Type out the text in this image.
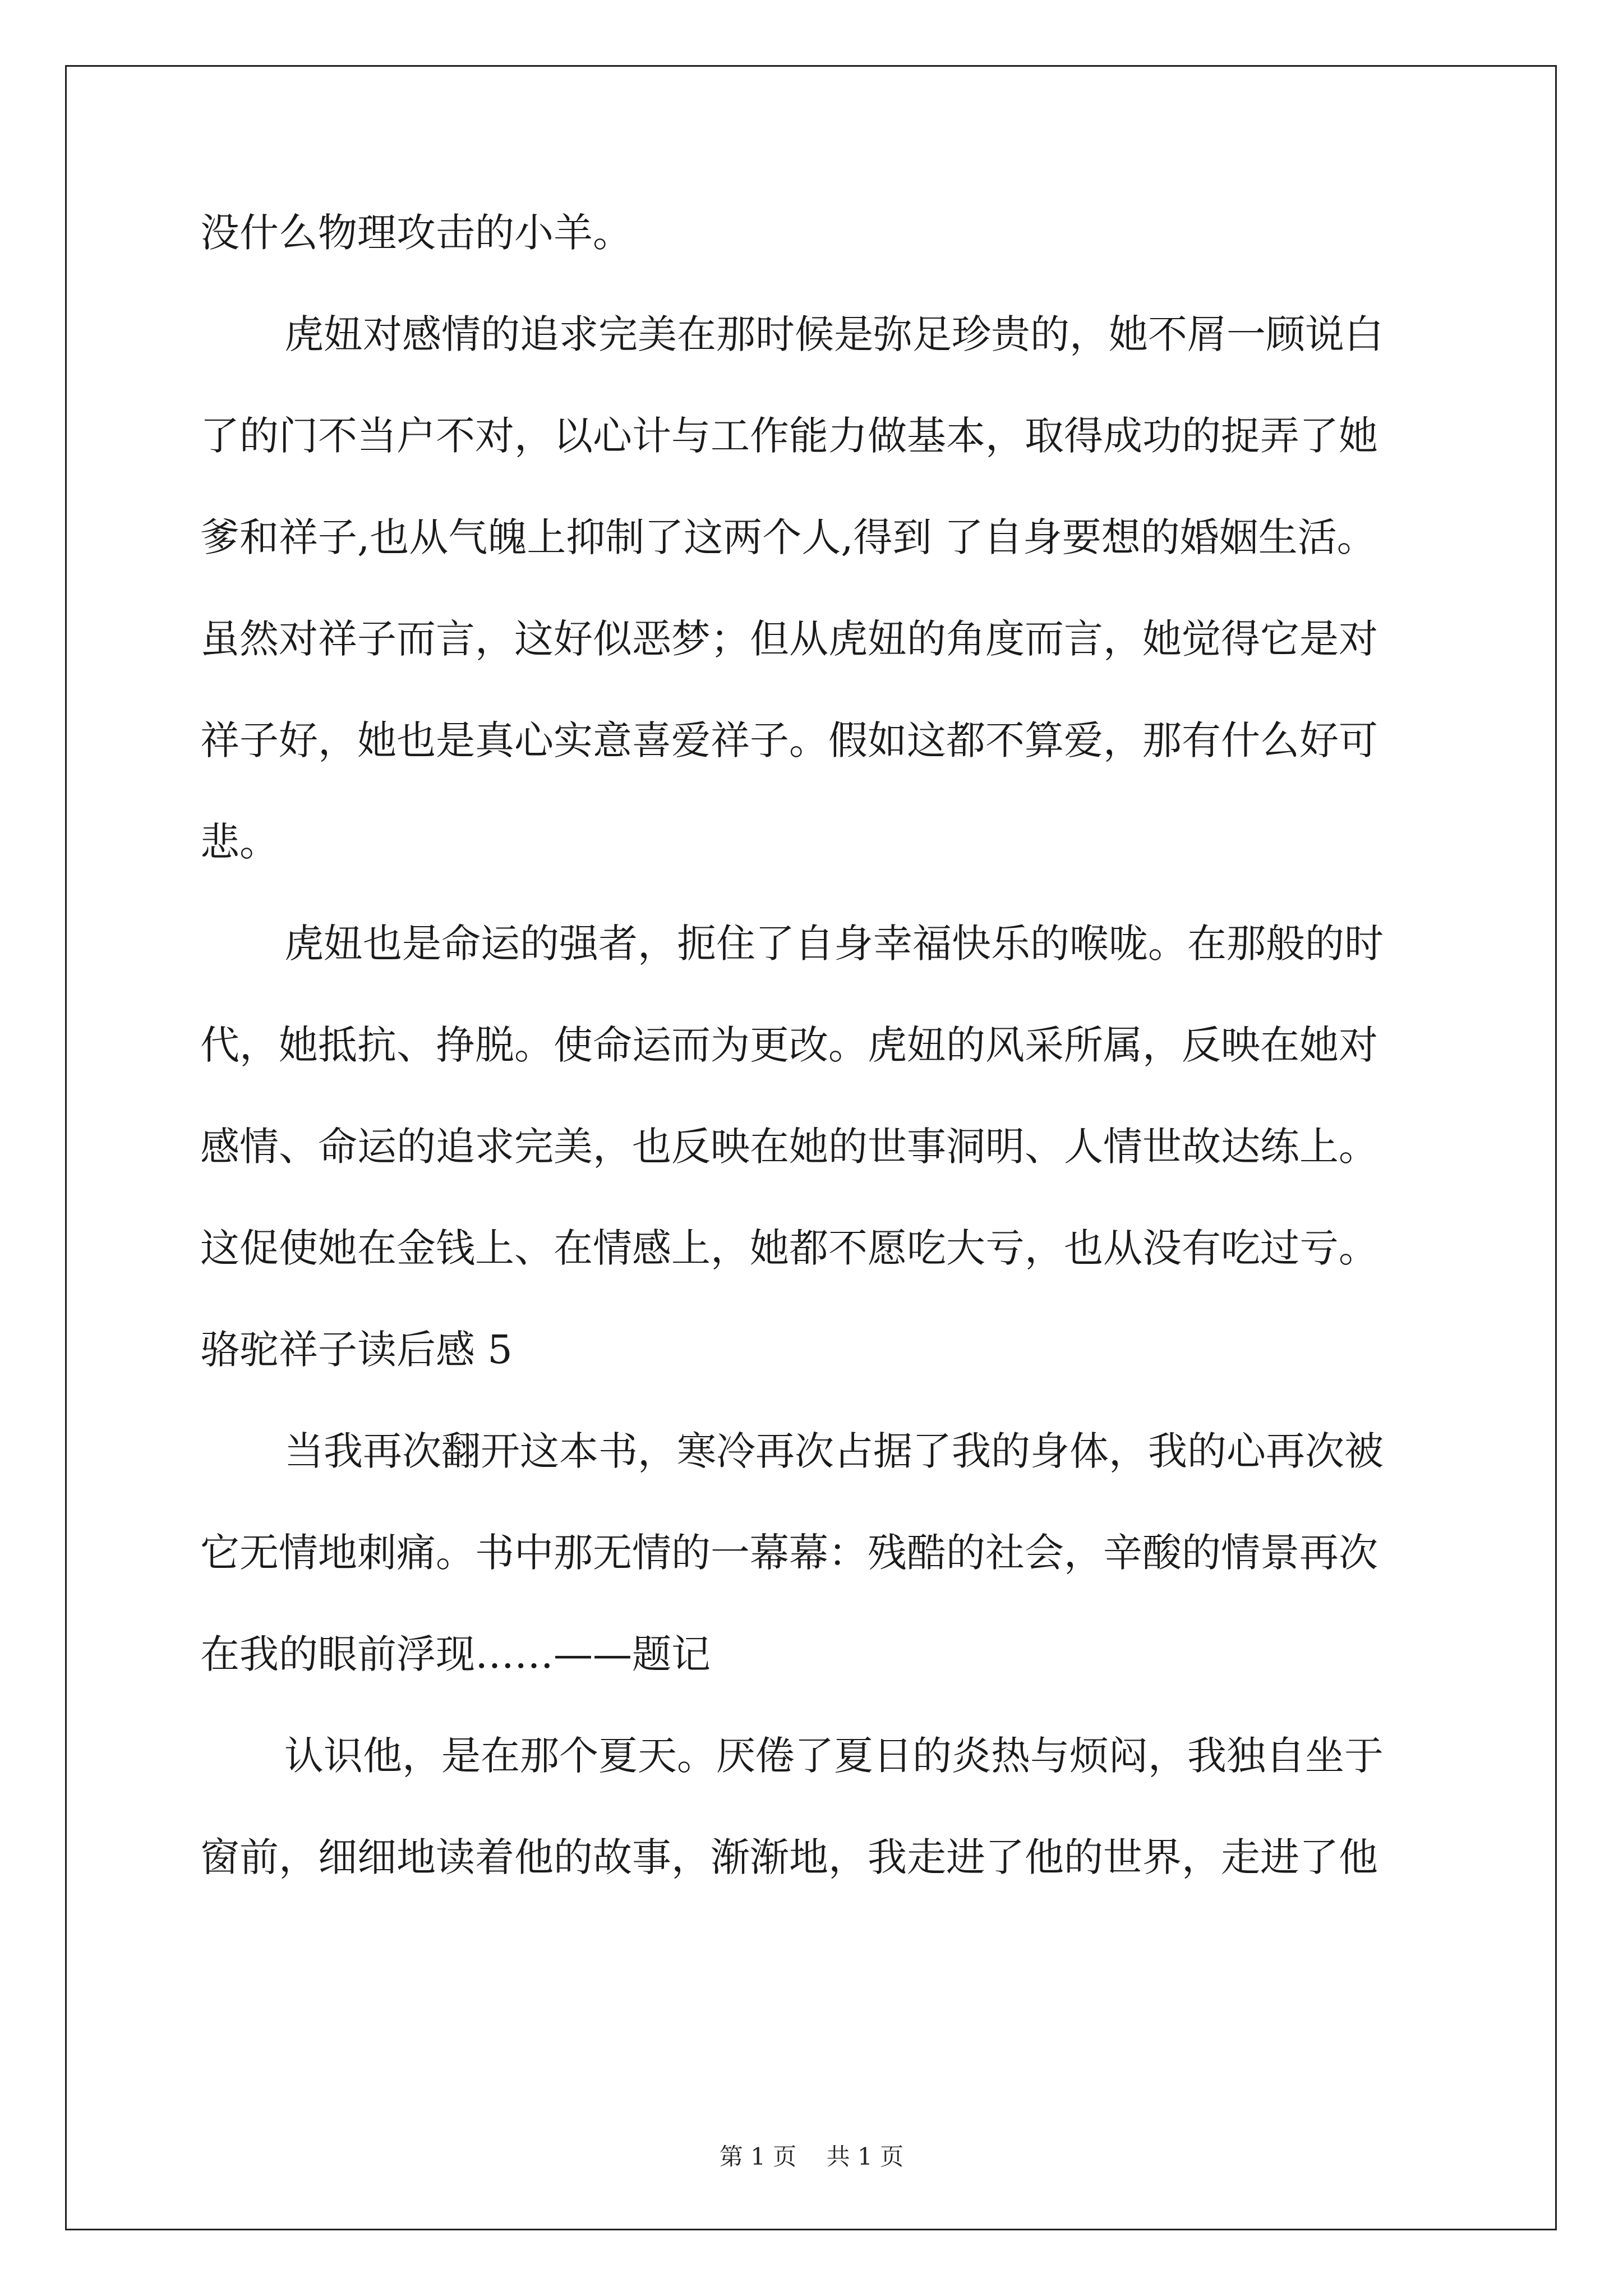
没什么物理攻击的小羊。
虎妞对感情的追求完美在那时候是弥足珍贵的，她不屑一顾说白
了的门不当户不对，以心计与工作能力做基本，取得成功的捉弄了她
爹和祥子,也从气魄上抑制了这两个人,得到 了自身要想的婚姻生活。
虽然对祥子而言，这好似恶梦；但从虎妞的角度而言，她觉得它是对
祥子好，她也是真心实意喜爱祥子。假如这都不算爱，那有什么好可
悲。
虎妞也是命运的强者，扼住了自身幸福快乐的喉咙。在那般的时
代，她抵抗、挣脱。使命运而为更改。虎妞的风采所属，反映在她对
感情、命运的追求完美，也反映在她的世事洞明、人情世故达练上。
这促使她在金钱上、在情感上，她都不愿吃大亏，也从没有吃过亏。
骆驼祥子读后感 5
当我再次翻开这本书，寒冷再次占据了我的身体，我的心再次被
它无情地刺痛。书中那无情的一幕幕：残酷的社会，辛酸的情景再次
在我的眼前浮现……——题记
认识他，是在那个夏天。厌倦了夏日的炎热与烦闷，我独自坐于
窗前，细细地读着他的故事，渐渐地，我走进了他的世界，走进了他
第 1 页 共 1 页
